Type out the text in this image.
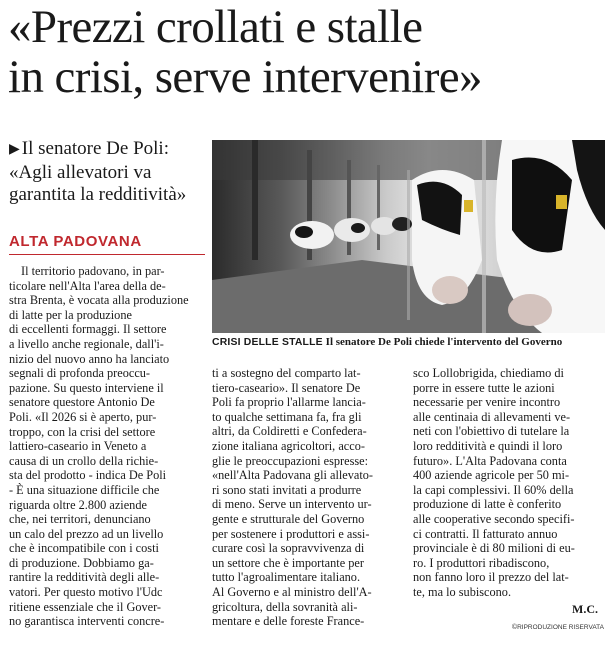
«Prezzi crollati e stalle
in crisi, serve intervenire»
▶ Il senatore De Poli:
«Agli allevatori va
garantita la redditività»
ALTA PADOVANA
CRISI DELLE STALLE Il senatore De Poli chiede l'intervento del Governo
Il territorio padovano, in par-
ticolare nell'Alta l'area della de-
stra Brenta, è vocata alla produzione
di latte per la produzione
di eccellenti formaggi. Il settore
a livello anche regionale, dall'i-
nizio del nuovo anno ha lanciato
segnali di profonda preoccu-
pazione. Su questo interviene il
senatore questore Antonio De
Poli. «Il 2026 si è aperto, pur-
troppo, con la crisi del settore
lattiero-caseario in Veneto a
causa di un crollo della richie-
sta del prodotto - indica De Poli
- È una situazione difficile che
riguarda oltre 2.800 aziende
che, nei territori, denunciano
un calo del prezzo ad un livello
che è incompatibile con i costi
di produzione. Dobbiamo ga-
rantire la redditività degli alle-
vatori. Per questo motivo l'Udc
ritiene essenziale che il Gover-
no garantisca interventi concre-
ti a sostegno del comparto lat-
tiero-caseario». Il senatore De
Poli fa proprio l'allarme lancia-
to qualche settimana fa, fra gli
altri, da Coldiretti e Confedera-
zione italiana agricoltori, acco-
glie le preoccupazioni espresse:
«nell'Alta Padovana gli allevato-
ri sono stati invitati a produrre
di meno. Serve un intervento ur-
gente e strutturale del Governo
per sostenere i produttori e assi-
curare così la sopravvivenza di
un settore che è importante per
tutto l'agroalimentare italiano.
Al Governo e al ministro dell'A-
gricoltura, della sovranità ali-
mentare e delle foreste France-
sco Lollobrigida, chiediamo di
porre in essere tutte le azioni
necessarie per venire incontro
alle centinaia di allevamenti ve-
neti con l'obiettivo di tutelare la
loro redditività e quindi il loro
futuro». L'Alta Padovana conta
400 aziende agricole per 50 mi-
la capi complessivi. Il 60% della
produzione di latte è conferito
alle cooperative secondo specifi-
ci contratti. Il fatturato annuo
provinciale è di 80 milioni di eu-
ro. I produttori ribadiscono,
non fanno loro il prezzo del lat-
te, ma lo subiscono.
M.C.
©RIPRODUZIONE RISERVATA
